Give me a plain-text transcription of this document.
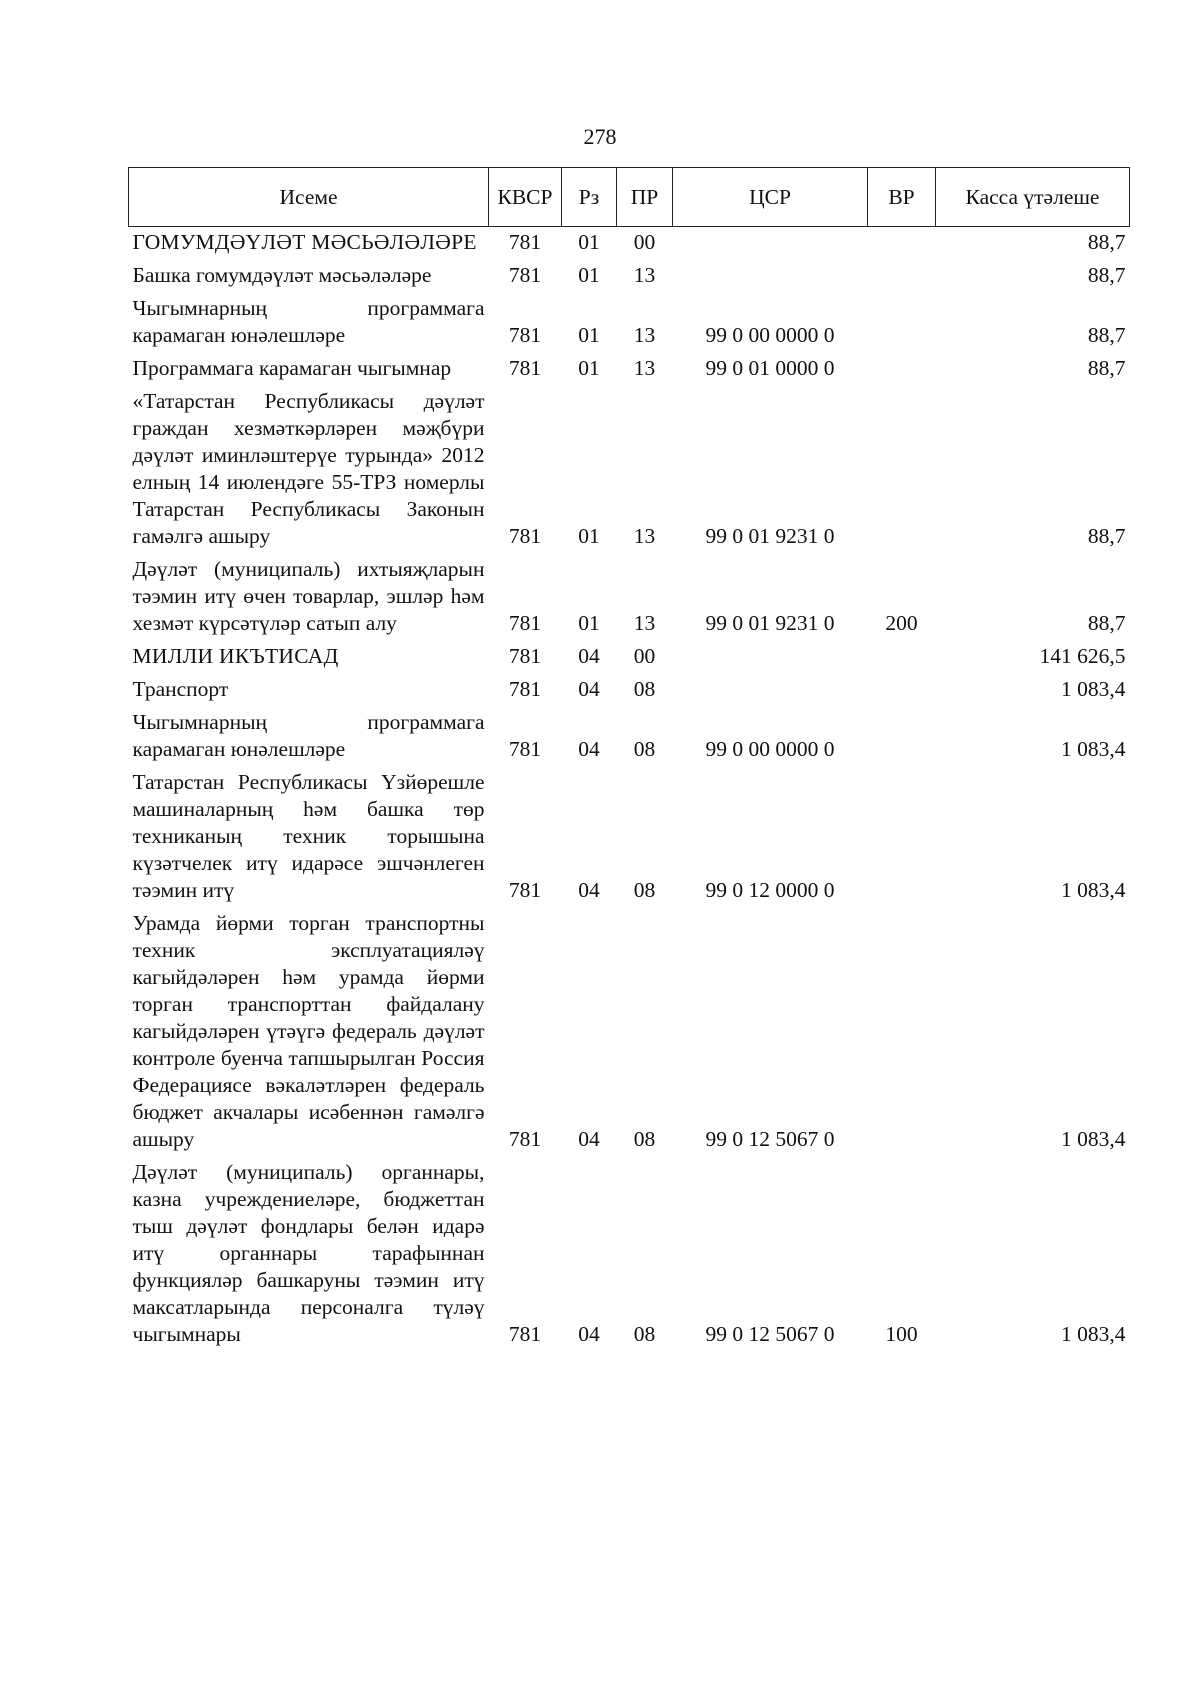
278
Исеме	КВСР	Рз	ПР	ЦСР	ВР	Касса үтәлеше
ГОМУМДӘҮЛӘТ МӘСЬӘЛӘЛӘРЕ	781	01	00			88,7
Башка гомумдәүләт мәсьәләләре	781	01	13			88,7
Чыгымнарның программага карамаган юнәлешләре	781	01	13	99 0 00 0000 0		88,7
Программага карамаган чыгымнар	781	01	13	99 0 01 0000 0		88,7
«Татарстан Республикасы дәүләт граждан хезмәткәрләрен мәҗбүри дәүләт иминләштерүе турында» 2012 елның 14 июлендәге 55-ТРЗ номерлы Татарстан Республикасы Законын гамәлгә ашыру	781	01	13	99 0 01 9231 0		88,7
Дәүләт (муниципаль) ихтыяҗларын тәэмин итү өчен товарлар, эшләр һәм хезмәт күрсәтүләр сатып алу	781	01	13	99 0 01 9231 0	200	88,7
МИЛЛИ ИКЪТИСАД	781	04	00			141 626,5
Транспорт	781	04	08			1 083,4
Чыгымнарның программага карамаган юнәлешләре	781	04	08	99 0 00 0000 0		1 083,4
Татарстан Республикасы Үзйөрешле машиналарның һәм башка төр техниканың техник торышына күзәтчелек итү идарәсе эшчәнлеген тәэмин итү	781	04	08	99 0 12 0000 0		1 083,4
Урамда йөрми торган транспортны техник эксплуатацияләү кагыйдәләрен һәм урамда йөрми торган транспорттан файдалану кагыйдәләрен үтәүгә федераль дәүләт контроле буенча тапшырылган Россия Федерациясе вәкаләтләрен федераль бюджет акчалары исәбеннән гамәлгә ашыру	781	04	08	99 0 12 5067 0		1 083,4
Дәүләт (муниципаль) органнары, казна учреждениеләре, бюджеттан тыш дәүләт фондлары белән идарә итү органнары тарафыннан функцияләр башкаруны тәэмин итү максатларында персоналга түләү чыгымнары	781	04	08	99 0 12 5067 0	100	1 083,4
